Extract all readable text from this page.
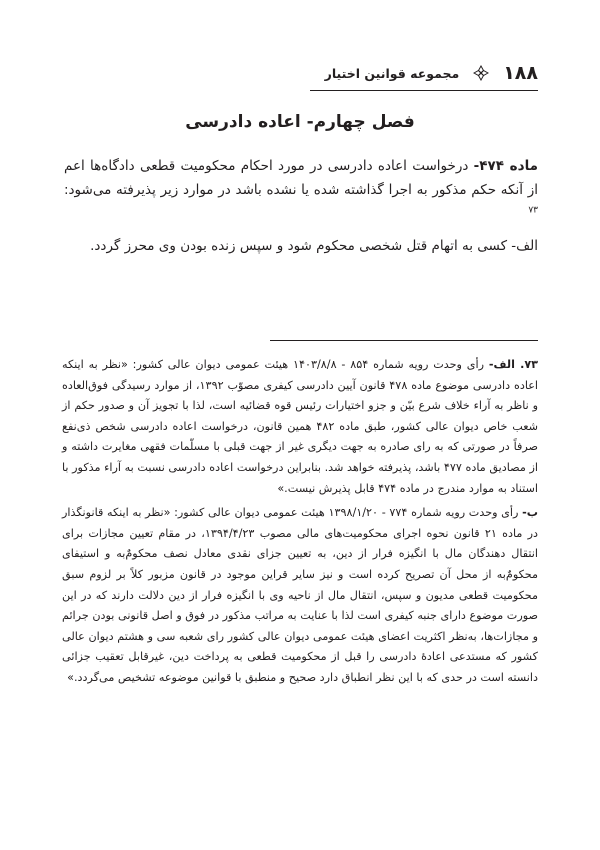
۱۸۸
مجموعه قوانین اختیار
فصل چهارم- اعاده دادرسی

ماده ۴۷۴- درخواست اعاده دادرسی در مورد احکام محکومیت قطعی دادگاه‌ها اعم از آنکه حکم مذکور به اجرا گذاشته شده یا نشده باشد در موارد زیر پذیرفته می‌شود: $^{۷۳}$

الف- کسی به اتهام قتل شخصی محکوم شود و سپس زنده بودن وی محرز گردد.

۷۳. الف- رأی وحدت رویه شماره ۸۵۴ - ۱۴۰۳/۸/۸ هیئت عمومی دیوان عالی کشور: «نظر به اینکه اعاده دادرسی موضوع ماده ۴۷۸ قانون آیین دادرسی کیفری مصوّب ۱۳۹۲، از موارد رسیدگی فوق‌العاده و ناظر به آراء خلاف شرع بیّن و جزو اختیارات رئیس قوه قضائیه است، لذا با تجویز آن و صدور حکم از شعب خاص دیوان عالی کشور، طبق ماده ۴۸۲ همین قانون، درخواست اعاده دادرسی شخص ذی‌نفع صرفاً در صورتی که به رای صادره به جهت دیگری غیر از جهت قبلی با مسلّمات فقهی مغایرت داشته و از مصادیق ماده ۴۷۷ باشد، پذیرفته خواهد شد. بنابراین درخواست اعاده دادرسی نسبت به آراء مذکور با استناد به موارد مندرج در ماده ۴۷۴ قابل پذیرش نیست.»

ب- رأی وحدت رویه شماره ۷۷۴ - ۱۳۹۸/۱/۲۰ هیئت عمومی دیوان عالی کشور: «نظر به اینکه قانونگذار در ماده ۲۱ قانون نحوه اجرای محکومیت‌های مالی مصوب ۱۳۹۴/۴/۲۳، در مقام تعیین مجازات برای انتقال دهندگان مال با انگیزه فرار از دین، به تعیین جزای نقدی معادل نصف محکومٌ‌به و استیفای محکومٌ‌به از محل آن تصریح کرده است و نیز سایر قراین موجود در قانون مزبور کلاً بر لزوم سبق محکومیت قطعی مدیون و سپس، انتقال مال از ناحیه وی با انگیزه فرار از دین دلالت دارند که در این صورت موضوع دارای جنبه کیفری است لذا با عنایت به مراتب مذکور در فوق و اصل قانونی بودن جرائم و مجازات‌ها، به‌نظر اکثریت اعضای هیئت عمومی دیوان عالی کشور رای شعبه سی و هشتم دیوان عالی کشور که مستدعی اعادهٔ دادرسی را قبل از محکومیت قطعی به پرداخت دین، غیرقابل تعقیب جزائی دانسته است در حدی که با این نظر انطباق دارد صحیح و منطبق با قوانین موضوعه تشخیص می‌گردد.»
